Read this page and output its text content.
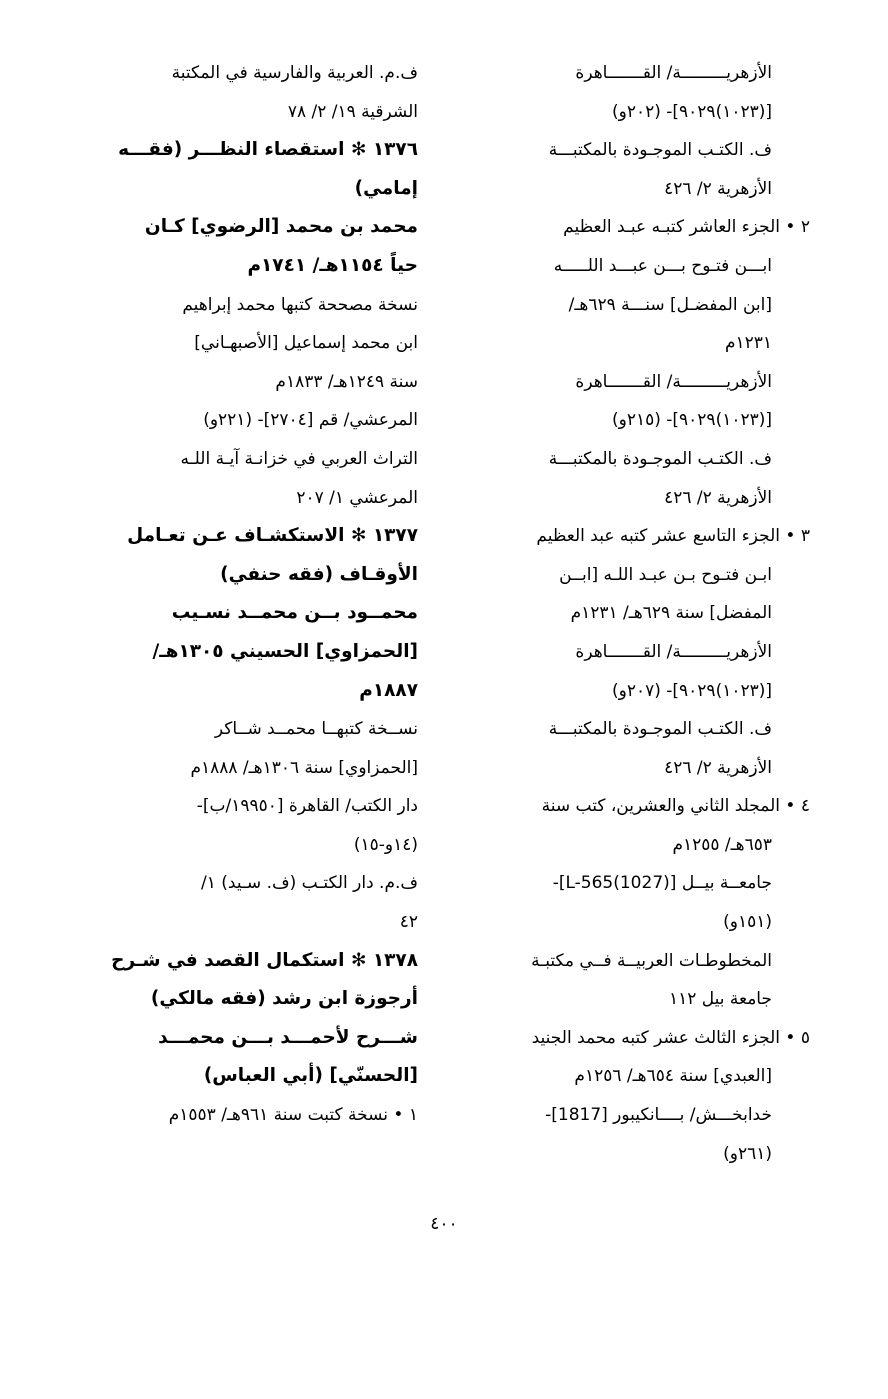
الأزهريـــــــــة/ القـــــــاهرة
[(١٠٢٣)٩٠٢٩]- (٢٠٢و)
ف. الكتـب الموجـودة بالمكتبـــة
الأزهرية ٢/ ٤٢٦
٢ • الجزء العاشر كتبـه عبـد العظيم
ابـــن فتـوح بـــن عبـــد اللـــــه
[ابن المفضـل] سنـــة ٦٢٩هـ/
١٢٣١م
الأزهريـــــــــة/ القـــــــاهرة
[(١٠٢٣)٩٠٢٩]- (٢١٥و)
ف. الكتـب الموجـودة بالمكتبـــة
الأزهرية ٢/ ٤٢٦
٣ • الجزء التاسع عشر كتبه عبد العظيم
ابـن فتـوح بـن عبـد اللـه [ابــن
المفضل] سنة ٦٢٩هـ/ ١٢٣١م
الأزهريـــــــــة/ القـــــــاهرة
[(١٠٢٣)٩٠٢٩]- (٢٠٧و)
ف. الكتـب الموجـودة بالمكتبـــة
الأزهرية ٢/ ٤٢٦
٤ • المجلد الثاني والعشرين، كتب سنة
٦٥٣هـ/ ١٢٥٥م
جامعــة بيــل [L-565(1027)]-
(١٥١و)
المخطوطـات العربيــة فــي مكتبـة
جامعة بيل ١١٢
٥ • الجزء الثالث عشر كتبه محمد الجنيد
[العبدي] سنة ٦٥٤هـ/ ١٢٥٦م
خدابخـــش/ بــــانكيبور [1817]-
(٢٦١و)
ف.م. العربية والفارسية في المكتبة
الشرقية ١٩/ ٢/ ٧٨
١٣٧٦ ✻ استقصاء النظـــر (فقـــه
إمامي)
محمد بن محمد [الرضوي] كـان
حياً ١١٥٤هـ/ ١٧٤١م
نسخة مصححة كتبها محمد إبراهيم
ابن محمد إسماعيل [الأصبهـاني]
سنة ١٢٤٩هـ/ ١٨٣٣م
المرعشي/ قم [٢٧٠٤]- (٢٢١و)
التراث العربي في خزانـة آيـة اللـه
المرعشي ١/ ٢٠٧
١٣٧٧ ✻ الاستكشـاف عـن تعـامل
الأوقـاف (فقه حنفي)
محمــود بــن محمــد نسـيب
[الحمزاوي] الحسيني ١٣٠٥هـ/
١٨٨٧م
نســخة كتبهــا محمــد شــاكر
[الحمزاوي] سنة ١٣٠٦هـ/ ١٨٨٨م
دار الكتب/ القاهرة [١٩٩٥٠/ب]-
(١٤و-١٥)
ف.م. دار الكتـب (ف. سـيد) ١/
٤٢
١٣٧٨ ✻ استكمال القصد في شـرح
أرجوزة ابن رشد (فقه مالكي)
شـــرح لأحمـــد بـــن محمـــد
[الحسنّي] (أبي العباس)
١ • نسخة كتبت سنة ٩٦١هـ/ ١٥٥٣م
٤٠٠
